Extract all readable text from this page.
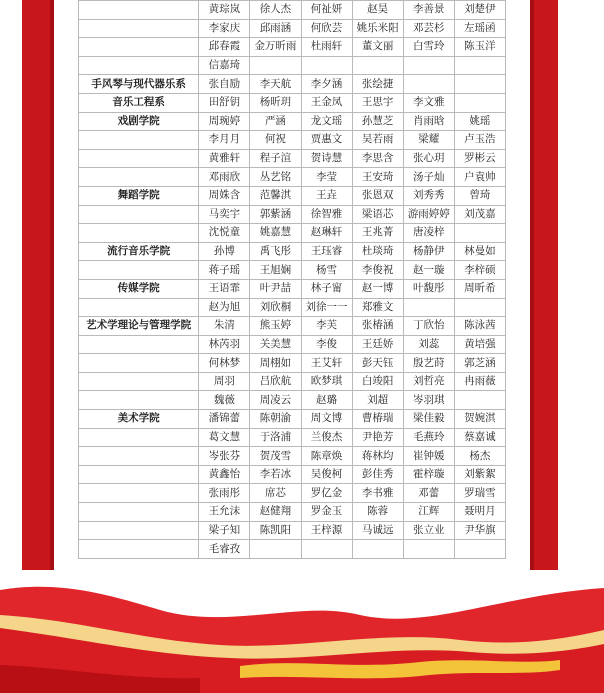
	黄琮岚	徐人杰	何祉妍	赵昊	李善景	刘楚伊
	李家庆	邱雨涵	何欣芸	姚乐米阳	邓芸杉	左瑶函
	邱春霞	金万昕雨	杜雨轩	董文丽	白雪玲	陈玉洋
	信嘉琦					
手风琴与现代器乐系	张自励	李天航	李夕涵	张绘捷		
音乐工程系	田舒钥	杨昕玥	王金凤	王思宇	李文雅	
戏剧学院	周琬婷	严涵	龙文瑶	孙慧芝	肖雨晗	姚瑶
	李月月	何祝	贾惠文	吴若雨	梁耀	卢玉浩
	黄雅轩	程子渲	贺诗慧	李思含	张心玥	罗彬云
	邓雨欣	丛艺铭	李莹	王安琦	汤子灿	户袁帅
舞蹈学院	周姝含	范馨淇	王垚	张恩双	刘秀秀	曾琦
	马奕宇	郭紫涵	徐智雅	梁语芯	游雨婷婷	刘茂嘉
	沈悦童	姚嘉慧	赵琳轩	王兆菁	唐凌梓	
流行音乐学院	孙博	禹飞彤	王珏睿	杜琰琦	杨静伊	林曼如
	蒋子瑶	王旭娴	杨雪	李俊祝	赵一璇	李梓硕
传媒学院	王语霏	叶尹喆	林子甯	赵一博	叶馥彤	周昕希
	赵为旭	刘欣桐	刘徐一一	郑雅文		
艺术学理论与管理学院	朱清	熊玉婷	李芙	张椿涵	丁欣怡	陈泳茜
	林芮羽	关美慧	李俊	王廷娇	刘蕊	黄培强
	何林梦	周栩如	王艾轩	彭天钰	殷艺莳	郭芝涵
	周羽	吕欣航	欧梦琪	白竣阳	刘哲亮	冉雨薇
	魏薇	周凌云	赵璐	刘超	岑羽琪	
美术学院	潘锦蕾	陈朝渝	周文博	曹椿瑞	梁佳毅	贺婉淇
	葛文慧	于洛浦	兰俊杰	尹艳芳	毛燕玲	蔡嘉诚
	岑张芬	贺茂雪	陈章焕	蒋林均	崔钟媛	杨杰
	黄鑫怡	李若冰	吴俊柯	彭佳秀	霍梓璇	刘紫絮
	张雨彤	席芯	罗亿金	李书雅	邓蕾	罗瑞雪
	王允沫	赵健翔	罗金玉	陈蓉	江辉	聂明月
	梁子知	陈凯阳	王梓源	马诚远	张立业	尹华旗
	毛睿孜					
